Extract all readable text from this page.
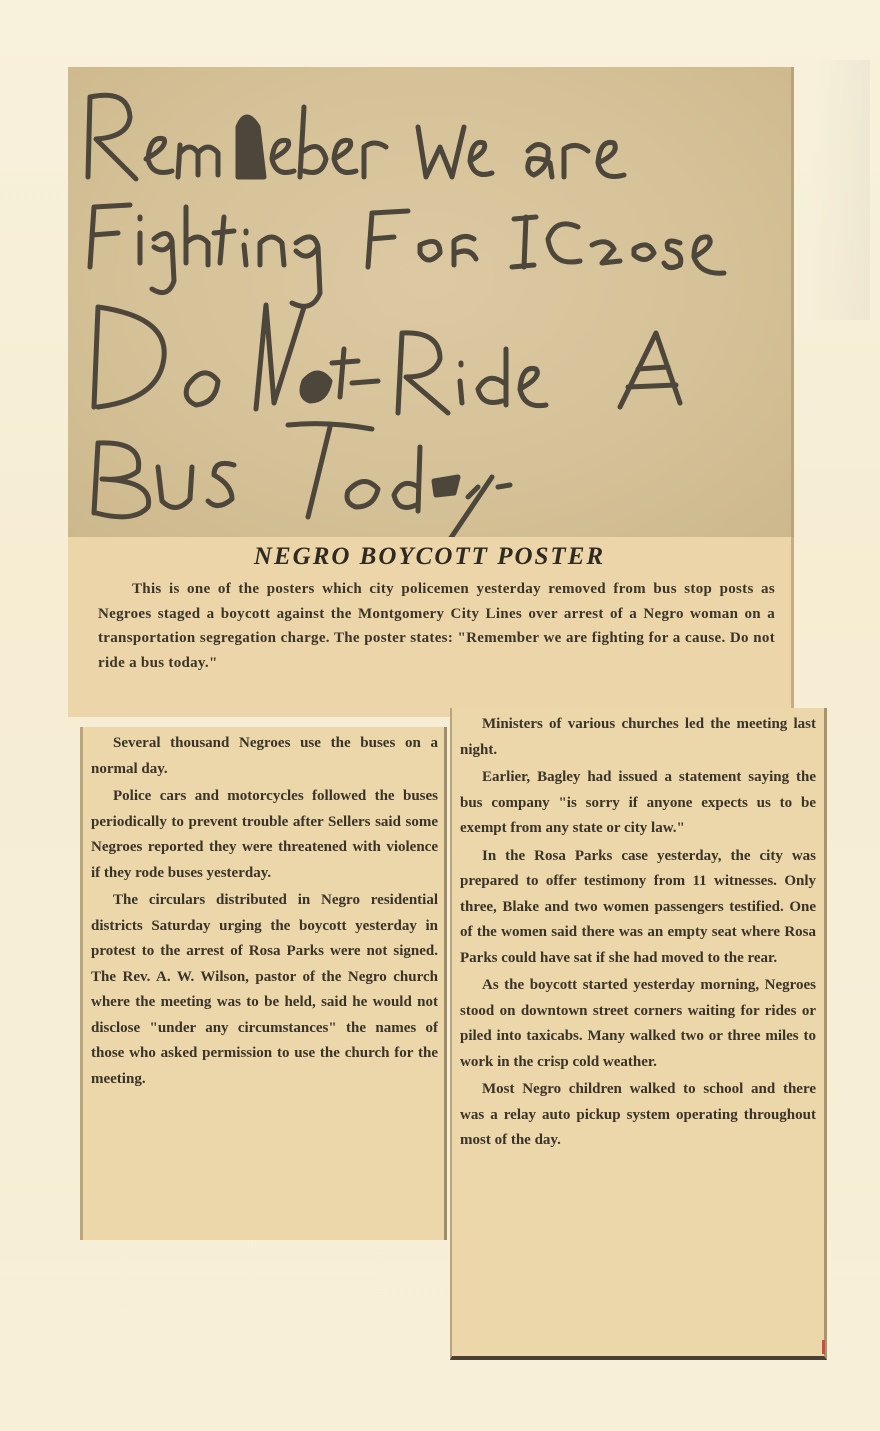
NEGRO BOYCOTT POSTER
This is one of the posters which city policemen yesterday removed from bus stop posts as Negroes staged a boycott against the Montgomery City Lines over arrest of a Negro woman on a transportation segregation charge. The poster states: "Remember we are fighting for a cause. Do not ride a bus today."

Several thousand Negroes use the buses on a normal day.

Police cars and motorcycles followed the buses periodically to prevent trouble after Sellers said some Negroes reported they were threatened with violence if they rode buses yesterday.

The circulars distributed in Negro residential districts Saturday urging the boycott yesterday in protest to the arrest of Rosa Parks were not signed. The Rev. A. W. Wilson, pastor of the Negro church where the meeting was to be held, said he would not disclose "under any circumstances" the names of those who asked permission to use the church for the meeting.

Ministers of various churches led the meeting last night.

Earlier, Bagley had issued a statement saying the bus company "is sorry if anyone expects us to be exempt from any state or city law."

In the Rosa Parks case yesterday, the city was prepared to offer testimony from 11 witnesses. Only three, Blake and two women passengers testified. One of the women said there was an empty seat where Rosa Parks could have sat if she had moved to the rear.

As the boycott started yesterday morning, Negroes stood on downtown street corners waiting for rides or piled into taxicabs. Many walked two or three miles to work in the crisp cold weather.

Most Negro children walked to school and there was a relay auto pickup system operating throughout most of the day.
